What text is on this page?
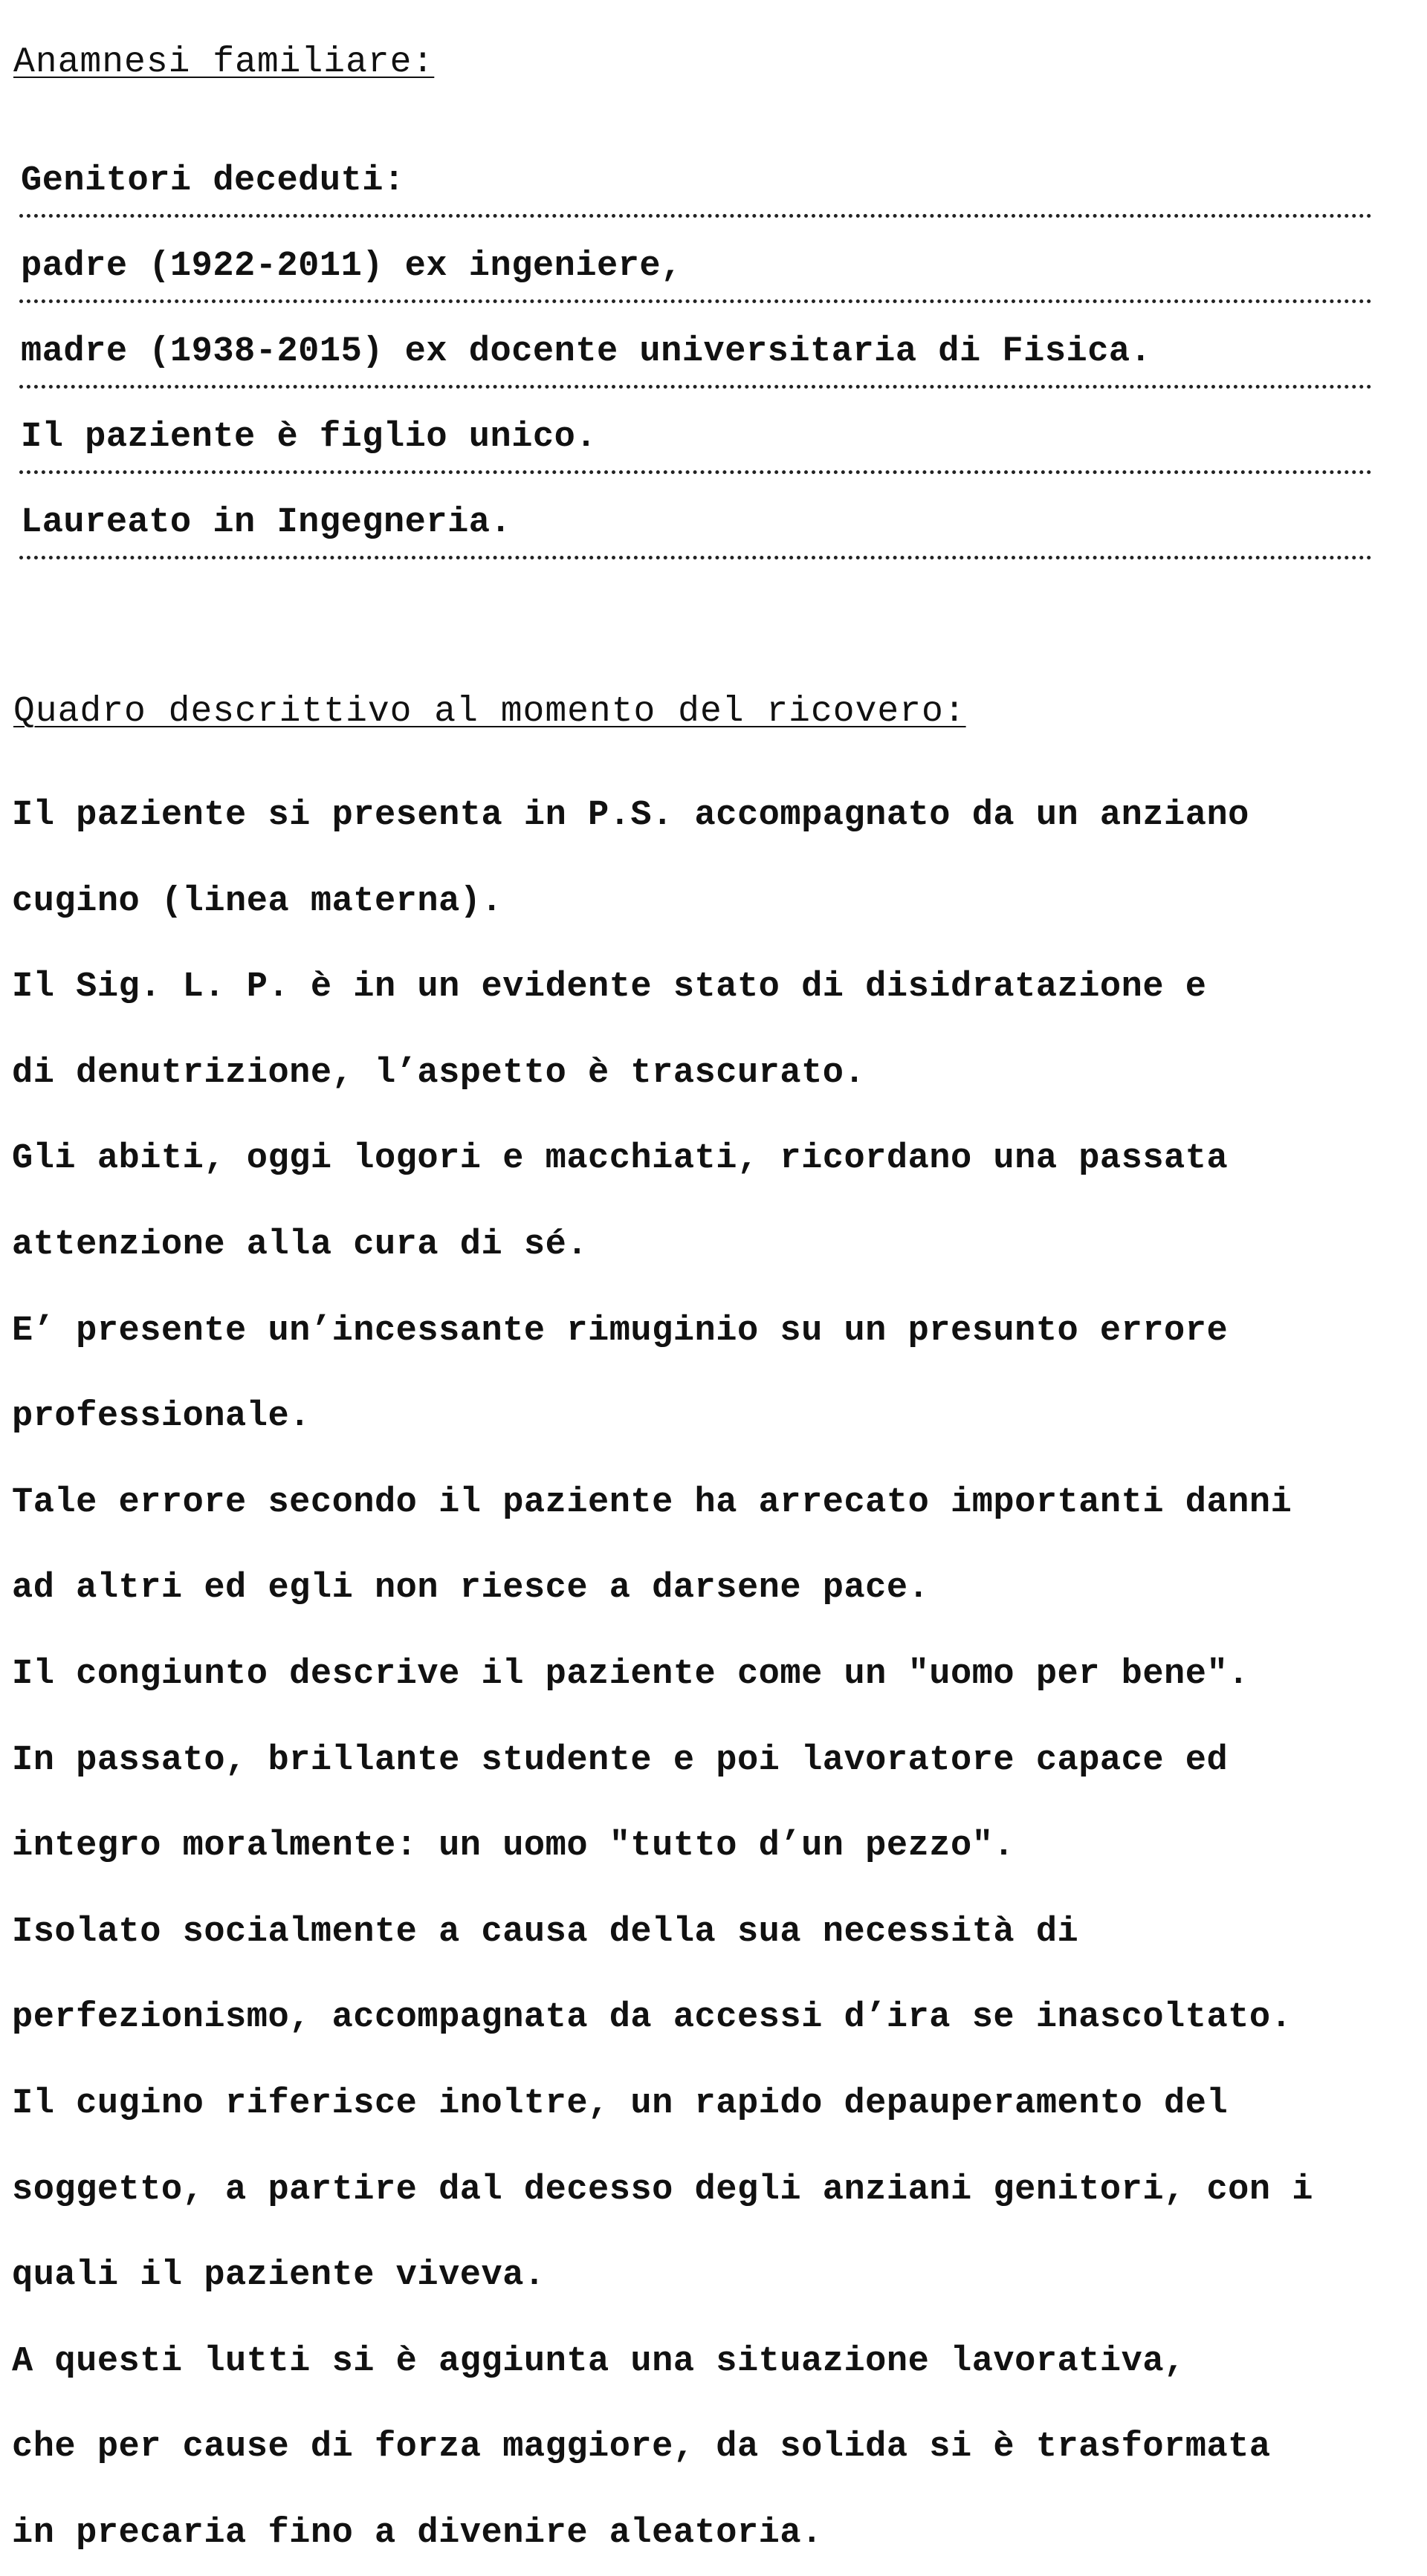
Anamnesi familiare:
Genitori deceduti:
padre (1922-2011) ex ingeniere,
madre (1938-2015) ex docente universitaria di Fisica.
Il paziente è figlio unico.
Laureato in Ingegneria.
Quadro descrittivo al momento del ricovero:
Il paziente si presenta in P.S. accompagnato da un anziano
cugino (linea materna).
Il Sig. L. P. è in un evidente stato di disidratazione e
di denutrizione, l’aspetto è trascurato.
Gli abiti, oggi logori e macchiati, ricordano una passata
attenzione alla cura di sé.
E’ presente un’incessante rimuginio su un presunto errore
professionale.
Tale errore secondo il paziente ha arrecato importanti danni
ad altri ed egli non riesce a darsene pace.
Il congiunto descrive il paziente come un ″uomo per bene″.
In passato, brillante studente e poi lavoratore capace ed
integro moralmente: un uomo ″tutto d’un pezzo″.
Isolato socialmente a causa della sua necessità di
perfezionismo, accompagnata da accessi d’ira se inascoltato.
Il cugino riferisce inoltre, un rapido depauperamento del
soggetto, a partire dal decesso degli anziani genitori, con i
quali il paziente viveva.
A questi lutti si è aggiunta una situazione lavorativa,
che per cause di forza maggiore, da solida si è trasformata
in precaria fino a divenire aleatoria.
